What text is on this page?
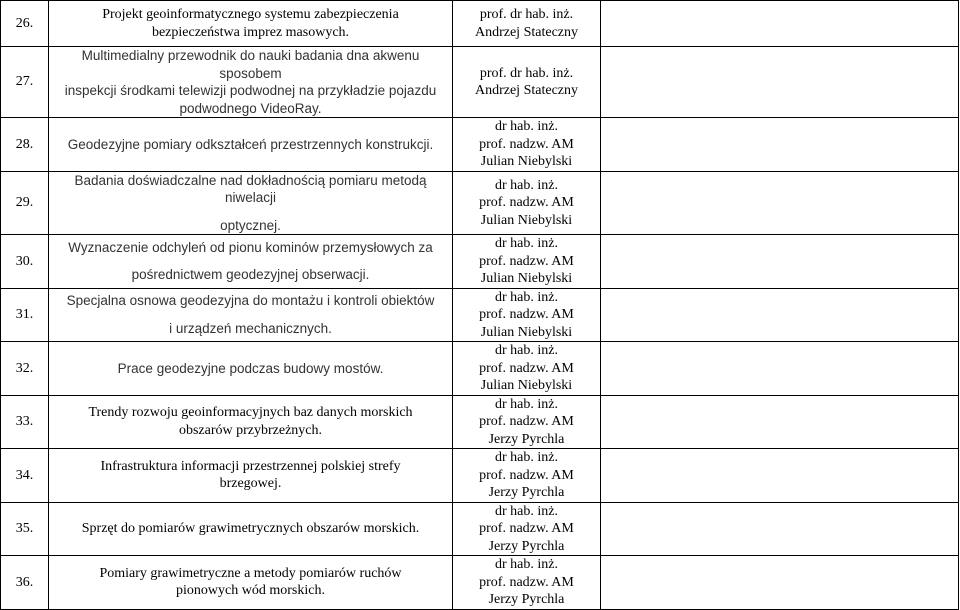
26.	Projekt geoinformatycznego systemu zabezpieczenia
bezpieczeństwa imprez masowych.	prof. dr hab. inż.
Andrzej Stateczny	
27.	Multimedialny przewodnik do nauki badania dna akwenu sposobem
inspekcji środkami telewizji podwodnej na przykładzie pojazdu
podwodnego VideoRay.	prof. dr hab. inż.
Andrzej Stateczny	
28.	Geodezyjne pomiary odkształceń przestrzennych konstrukcji.	dr hab. inż.
prof. nadzw. AM
Julian Niebylski	
29.	Badania doświadczalne nad dokładnością pomiaru metodą niwelacji
optycznej.	dr hab. inż.
prof. nadzw. AM
Julian Niebylski	
30.	Wyznaczenie odchyleń od pionu kominów przemysłowych za
pośrednictwem geodezyjnej obserwacji.	dr hab. inż.
prof. nadzw. AM
Julian Niebylski	
31.	Specjalna osnowa geodezyjna do montażu i kontroli obiektów
i urządzeń mechanicznych.	dr hab. inż.
prof. nadzw. AM
Julian Niebylski	
32.	Prace geodezyjne podczas budowy mostów.	dr hab. inż.
prof. nadzw. AM
Julian Niebylski	
33.	Trendy rozwoju geoinformacyjnych baz danych morskich
obszarów przybrzeżnych.	dr hab. inż.
prof. nadzw. AM
Jerzy Pyrchla	
34.	Infrastruktura informacji przestrzennej polskiej strefy
brzegowej.	dr hab. inż.
prof. nadzw. AM
Jerzy Pyrchla	
35.	Sprzęt do pomiarów grawimetrycznych obszarów morskich.	dr hab. inż.
prof. nadzw. AM
Jerzy Pyrchla	
36.	Pomiary grawimetryczne a metody pomiarów ruchów
pionowych wód morskich.	dr hab. inż.
prof. nadzw. AM
Jerzy Pyrchla	
